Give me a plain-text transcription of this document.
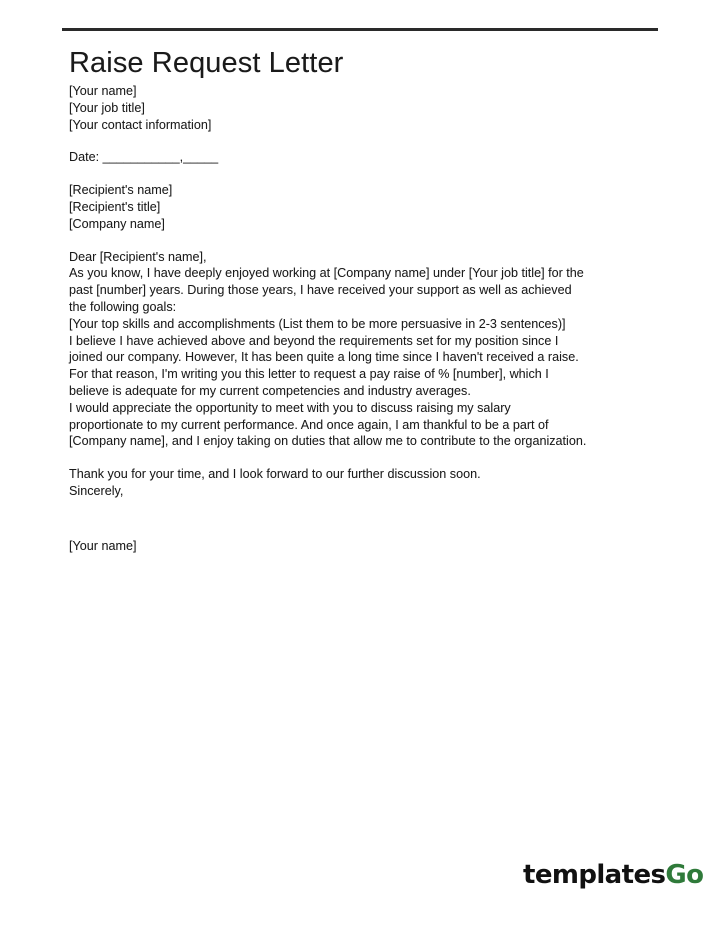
Raise Request Letter
[Your name]
[Your job title]
[Your contact information]
Date: ___________,_____
[Recipient's name]
[Recipient's title]
[Company name]
Dear [Recipient's name],
As you know, I have deeply enjoyed working at [Company name] under [Your job title] for the
past [number] years. During those years, I have received your support as well as achieved
the following goals:
[Your top skills and accomplishments (List them to be more persuasive in 2-3 sentences)]
I believe I have achieved above and beyond the requirements set for my position since I
joined our company. However, It has been quite a long time since I haven't received a raise.
For that reason, I'm writing you this letter to request a pay raise of % [number], which I
believe is adequate for my current competencies and industry averages.
I would appreciate the opportunity to meet with you to discuss raising my salary
proportionate to my current performance. And once again, I am thankful to be a part of
[Company name], and I enjoy taking on duties that allow me to contribute to the organization.
Thank you for your time, and I look forward to our further discussion soon.
Sincerely,
[Your name]
templatesGo
